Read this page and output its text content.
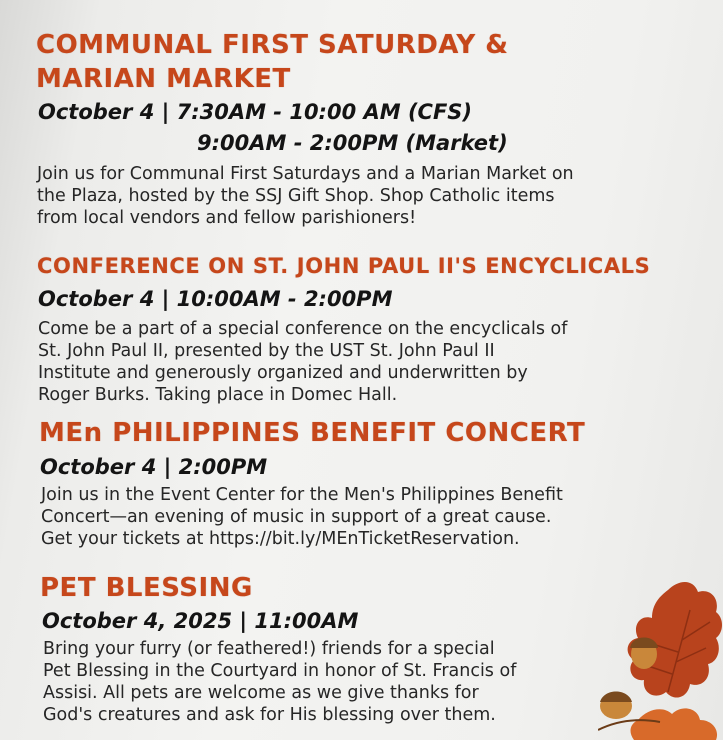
COMMUNAL FIRST SATURDAY &
MARIAN MARKET

October 4 | 7:30AM - 10:00 AM (CFS)

9:00AM - 2:00PM (Market)

Join us for Communal First Saturdays and a Marian Market on
the Plaza, hosted by the SSJ Gift Shop. Shop Catholic items
from local vendors and fellow parishioners!
CONFERENCE ON ST. JOHN PAUL II'S ENCYCLICALS

October 4 | 10:00AM - 2:00PM

Come be a part of a special conference on the encyclicals of
St. John Paul II, presented by the UST St. John Paul II
Institute and generously organized and underwritten by
Roger Burks. Taking place in Domec Hall.
MEn PHILIPPINES BENEFIT CONCERT

October 4 | 2:00PM

Join us in the Event Center for the Men's Philippines Benefit
Concert—an evening of music in support of a great cause.
Get your tickets at https://bit.ly/MEnTicketReservation.
PET BLESSING

October 4, 2025 | 11:00AM

Bring your furry (or feathered!) friends for a special
Pet Blessing in the Courtyard in honor of St. Francis of
Assisi. All pets are welcome as we give thanks for
God's creatures and ask for His blessing over them.
